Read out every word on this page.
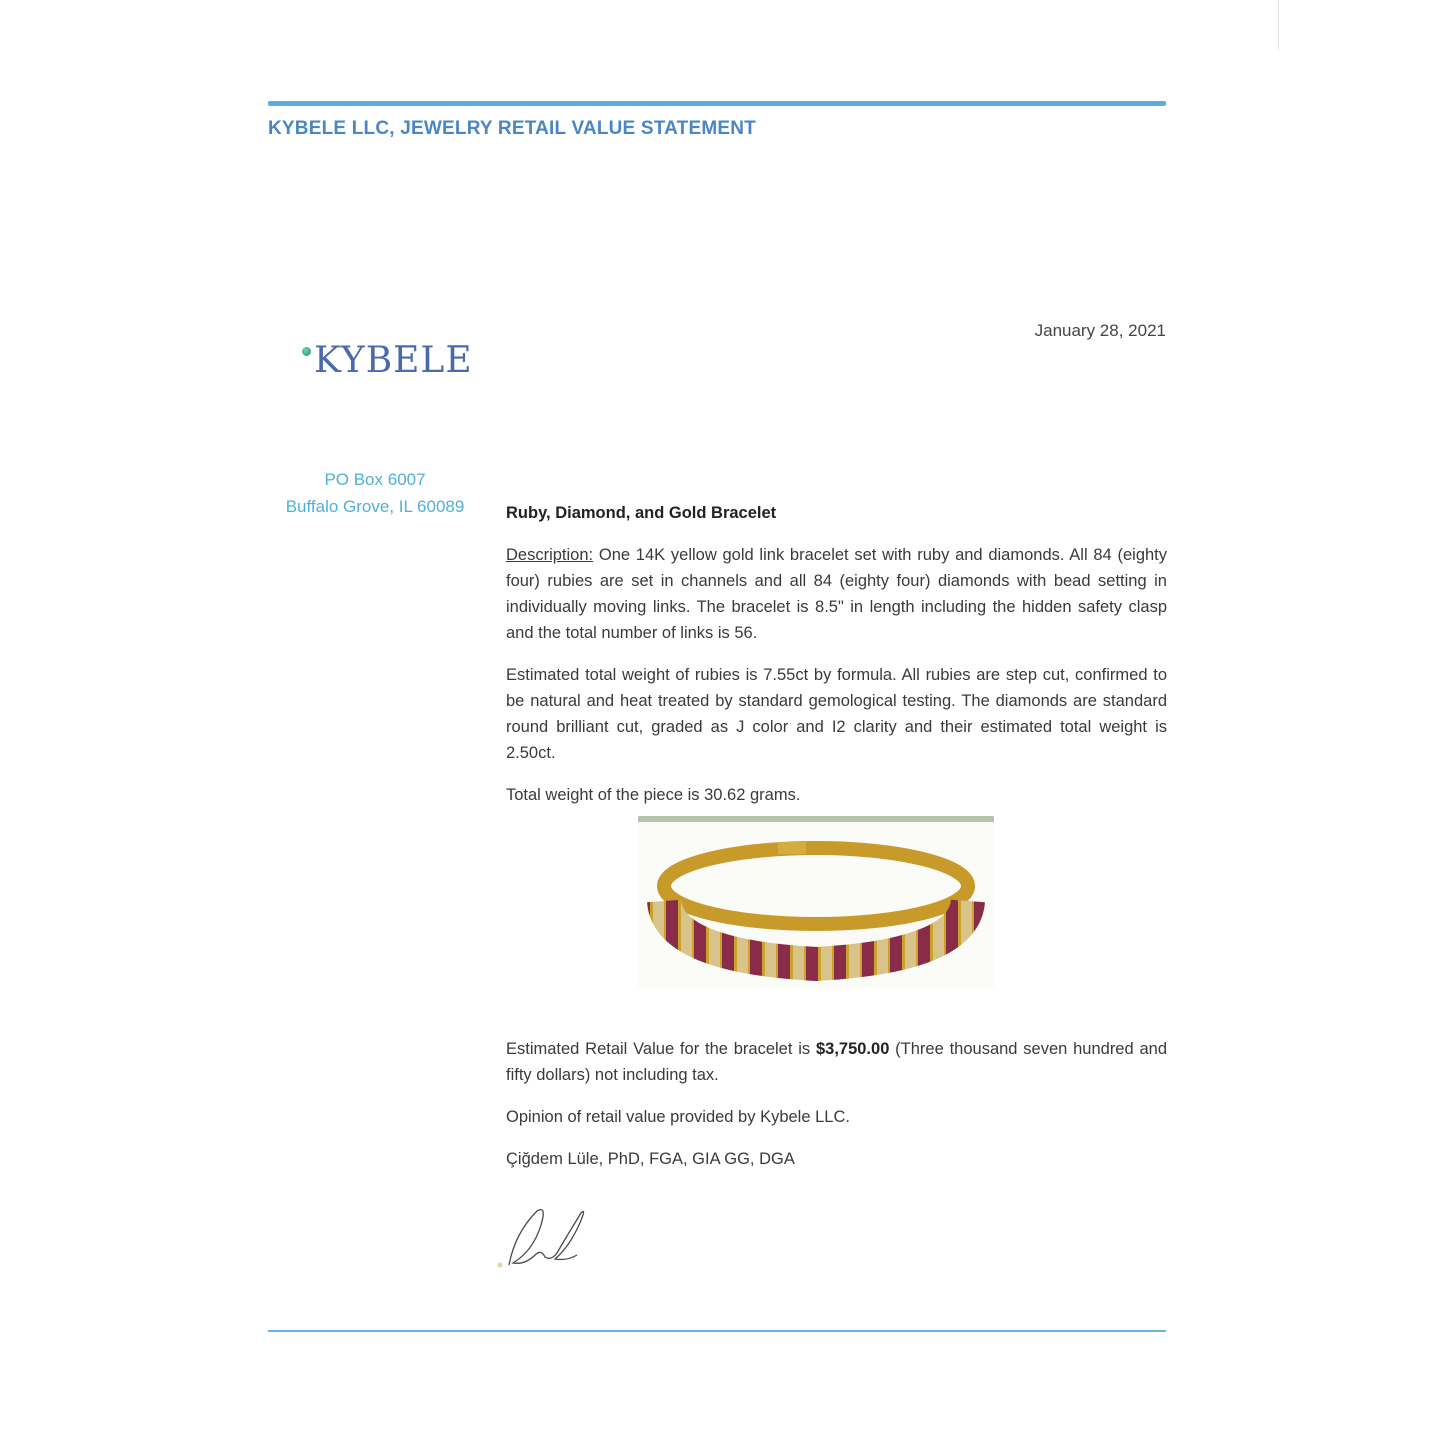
KYBELE LLC, JEWELRY RETAIL VALUE STATEMENT
KYBELE
January 28, 2021
PO Box 6007
Buffalo Grove, IL 60089	Ruby, Diamond, and Gold Bracelet

Description: One 14K yellow gold link bracelet set with ruby and diamonds. All 84 (eighty four) rubies are set in channels and all 84 (eighty four) diamonds with bead setting in individually moving links. The bracelet is 8.5" in length including the hidden safety clasp and the total number of links is 56.

Estimated total weight of rubies is 7.55ct by formula. All rubies are step cut, confirmed to be natural and heat treated by standard gemological testing. The diamonds are standard round brilliant cut, graded as J color and I2 clarity and their estimated total weight is 2.50ct.

Total weight of the piece is 30.62 grams.

Estimated Retail Value for the bracelet is $3,750.00 (Three thousand seven hundred and fifty dollars) not including tax.

Opinion of retail value provided by Kybele LLC.

Çiğdem Lüle, PhD, FGA, GIA GG, DGA
